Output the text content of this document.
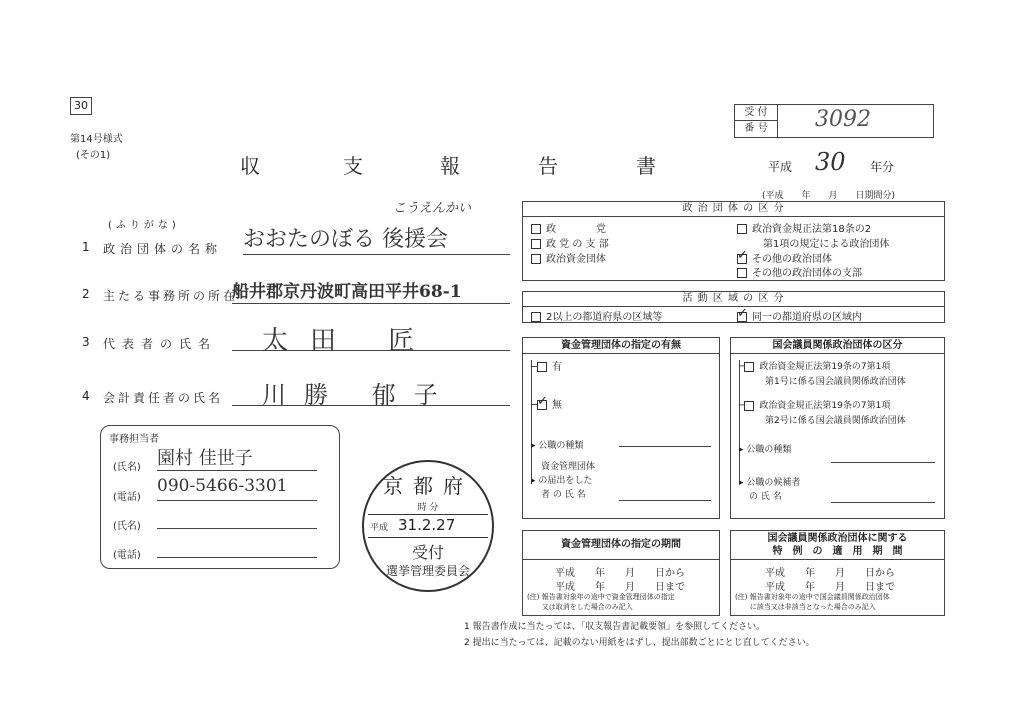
30
第14号様式
(その1)	収	支	報	告	書
受 付
番 号	3092
平成 30 年分
(平成　　年　　月　　日期間分)
(ふりがな)
こうえんかい
1 政治団体の名称 おおたのぼる 後援会
2 主たる事務所の所在
船井郡京丹波町高田平井68-1
3 代表者の氏名	太田 匠
4 会計責任者の氏名	川勝 郁子
事務担当者
(氏名) 園村 佳世子
(電話)
090-5466-3301
(氏名)
(電話)
京都府
時 分
平成 31.2.27
受付
選挙管理委員会
政 治 団 体 の 区 分
政　　　　党
政 党 の 支 部
政治資金団体
政治資金規正法第18条の2
第1項の規定による政治団体
✓ その他の政治団体
その他の政治団体の支部
活 動 区 域 の 区 分
2以上の都道府県の区域等	✓ 同一の都道府県の区域内
資金管理団体の指定の有無
─ 有
─ ✓ 無
▸ 公職の種類
資金管理団体
▸ の届出をした
者 の 氏 名
国会議員関係政治団体の区分
─ 政治資金規正法第19条の7第1項
第1号に係る国会議員関係政治団体
─ 政治資金規正法第19条の7第1項
第2号に係る国会議員関係政治団体
▸ 公職の種類
▸ 公職の候補者
の 氏 名
資金管理団体の指定の期間
平成　　年　　月　　日から
平成　　年　　月　　日まで
(注) 報告書対象年の途中で資金管理団体の指定
又は取消をした場合のみ記入
国会議員関係政治団体に関する
特　例　の　適　用　期　間
平成　　年　　月　　日から
平成　　年　　月　　日まで
(注) 報告書対象年の途中で国会議員関係政治団体
に該当又は非該当となった場合のみ記入
1 報告書作成に当たっては、「収支報告書記載要領」を参照してください。
2 提出に当たっては、記載のない用紙をはずし、提出部数ごとにとじ直してください。
